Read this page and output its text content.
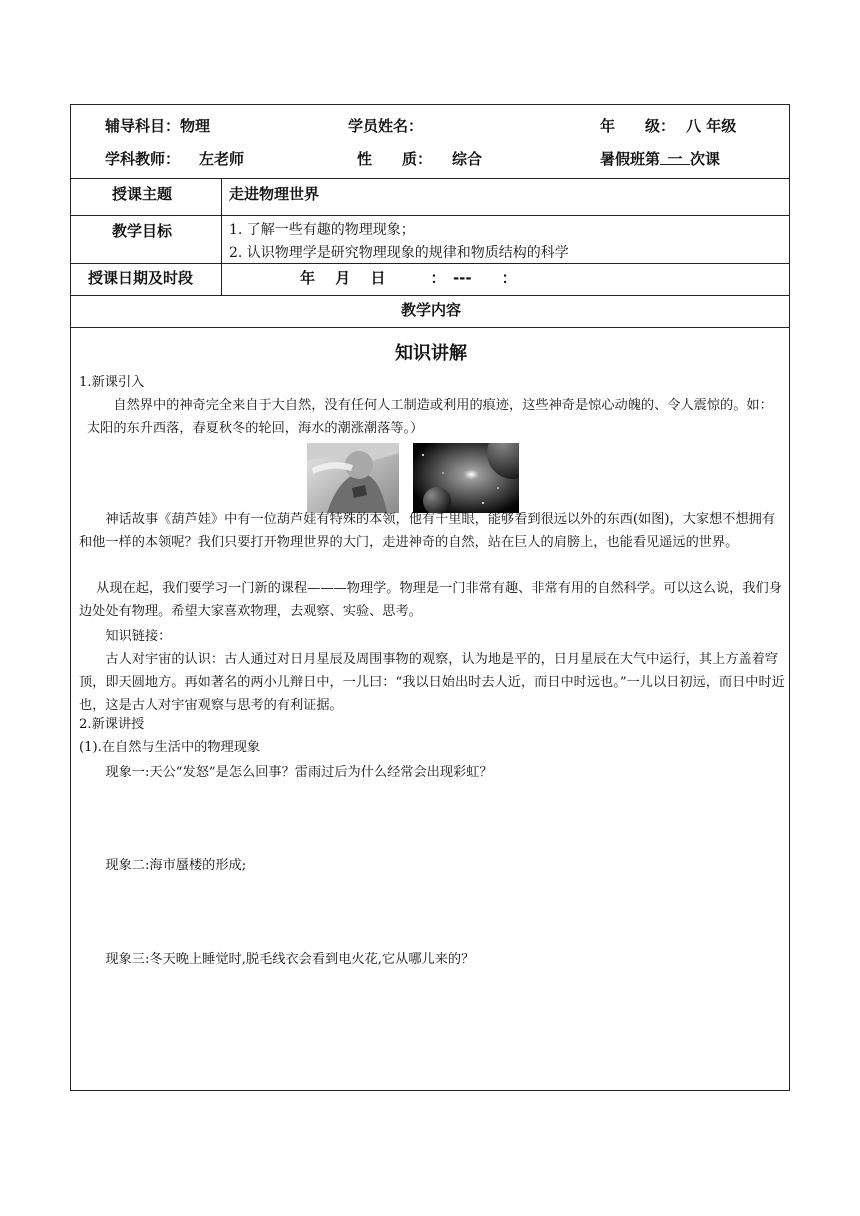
辅导科目：物理	学员姓名：	年　　级： 八 年级
学科教师： 左老师	性　　质： 综合	暑假班第 一 次课
授课主题	走进物理世界
教学目标	1. 了解一些有趣的物理现象；
2. 认识物理学是研究物理现象的规律和物质结构的科学
授课日期及时段	年　 月　 日　　　：　---　　：
教学内容
知识讲解
1.新课引入
自然界中的神奇完全来自于大自然，没有任何人工制造或利用的痕迹，这些神奇是惊心动魄的、令人震惊的。如：太阳的东升西落，春夏秋冬的轮回，海水的潮涨潮落等。）
神话故事《葫芦娃》中有一位葫芦娃有特殊的本领，他有千里眼，能够看到很远以外的东西(如图)，大家想不想拥有和他一样的本领呢？我们只要打开物理世界的大门，走进神奇的自然，站在巨人的肩膀上，也能看见遥远的世界。
从现在起，我们要学习一门新的课程———物理学。物理是一门非常有趣、非常有用的自然科学。可以这么说，我们身边处处有物理。希望大家喜欢物理，去观察、实验、思考。
知识链接：
古人对宇宙的认识：古人通过对日月星辰及周围事物的观察，认为地是平的，日月星辰在大气中运行，其上方盖着穹顶，即天圆地方。再如著名的两小儿辩日中，一儿曰：“我以日始出时去人近，而日中时远也。”一儿以日初远，而日中时近也，这是古人对宇宙观察与思考的有利证据。
2.新课讲授
(1).在自然与生活中的物理现象
现象一:天公“发怒”是怎么回事？雷雨过后为什么经常会出现彩虹？
现象二:海市蜃楼的形成;
现象三:冬天晚上睡觉时,脱毛线衣会看到电火花,它从哪儿来的？
